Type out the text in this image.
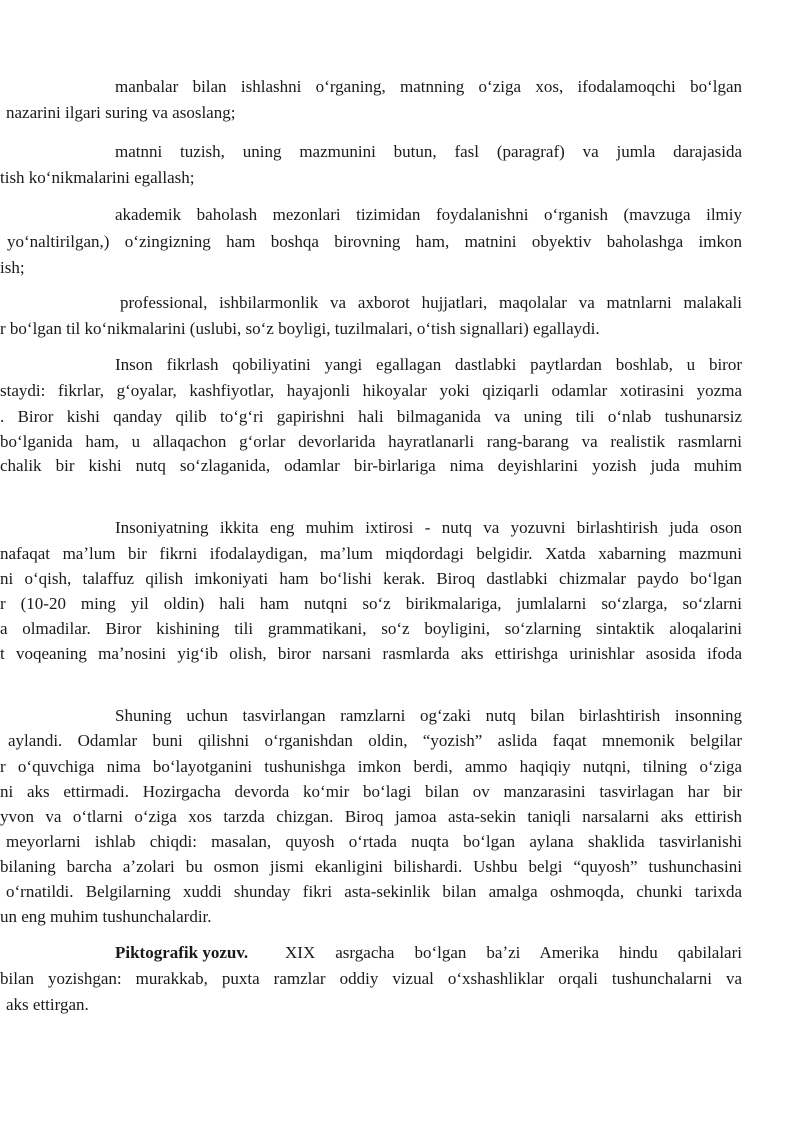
manbalar bilan ishlashni oʻrganing, matnning oʻziga xos, ifodalamoqchi boʻlgan
nazarini ilgari suring va asoslang;
matnni tuzish, uning mazmunini butun, fasl (paragraf) va jumla darajasida
tish koʻnikmalarini egallash;
akademik baholash mezonlari tizimidan foydalanishni oʻrganish (mavzuga ilmiy
yoʻnaltirilgan,) oʻzingizning ham boshqa birovning ham, matnini obyektiv baholashga imkon
ish;
professional, ishbilarmonlik va axborot hujjatlari, maqolalar va matnlarni malakali
r boʻlgan til koʻnikmalarini (uslubi, soʻz boyligi, tuzilmalari, oʻtish signallari) egallaydi.
Inson fikrlash qobiliyatini yangi egallagan dastlabki paytlardan boshlab, u biror
staydi: fikrlar, gʻoyalar, kashfiyotlar, hayajonli hikoyalar yoki qiziqarli odamlar xotirasini yozma
. Biror kishi qanday qilib toʻgʻri gapirishni hali bilmaganida va uning tili oʻnlab tushunarsiz
boʻlganida ham, u allaqachon gʻorlar devorlarida hayratlanarli rang-barang va realistik rasmlarni
chalik bir kishi nutq soʻzlaganida, odamlar bir-birlariga nima deyishlarini yozish juda muhim
Insoniyatning ikkita eng muhim ixtirosi - nutq va yozuvni birlashtirish juda oson
nafaqat maʼlum bir fikrni ifodalaydigan, maʼlum miqdordagi belgidir. Xatda xabarning mazmuni
ni oʻqish, talaffuz qilish imkoniyati ham boʻlishi kerak. Biroq dastlabki chizmalar paydo boʻlgan
r (10-20 ming yil oldin) hali ham nutqni soʻz birikmalariga, jumlalarni soʻzlarga, soʻzlarni
a olmadilar. Biror kishining tili grammatikani, soʻz boyligini, soʻzlarning sintaktik aloqalarini
t voqeaning maʼnosini yigʻib olish, biror narsani rasmlarda aks ettirishga urinishlar asosida ifoda
Shuning uchun tasvirlangan ramzlarni ogʻzaki nutq bilan birlashtirish insonning
aylandi. Odamlar buni qilishni oʻrganishdan oldin, “yozish” aslida faqat mnemonik belgilar
r oʻquvchiga nima boʻlayotganini tushunishga imkon berdi, ammo haqiqiy nutqni, tilning oʻziga
ni aks ettirmadi. Hozirgacha devorda koʻmir boʻlagi bilan ov manzarasini tasvirlagan har bir
yvon va oʻtlarni oʻziga xos tarzda chizgan. Biroq jamoa asta-sekin taniqli narsalarni aks ettirish
meyorlarni ishlab chiqdi: masalan, quyosh oʻrtada nuqta boʻlgan aylana shaklida tasvirlanishi
bilaning barcha aʼzolari bu osmon jismi ekanligini bilishardi. Ushbu belgi “quyosh” tushunchasini
oʻrnatildi. Belgilarning xuddi shunday fikri asta-sekinlik bilan amalga oshmoqda, chunki tarixda
un eng muhim tushunchalardir.
Piktografik yozuv. XIX asrgacha boʻlgan baʼzi Amerika hindu qabilalari
bilan yozishgan: murakkab, puxta ramzlar oddiy vizual oʻxshashliklar orqali tushunchalarni va
aks ettirgan.
